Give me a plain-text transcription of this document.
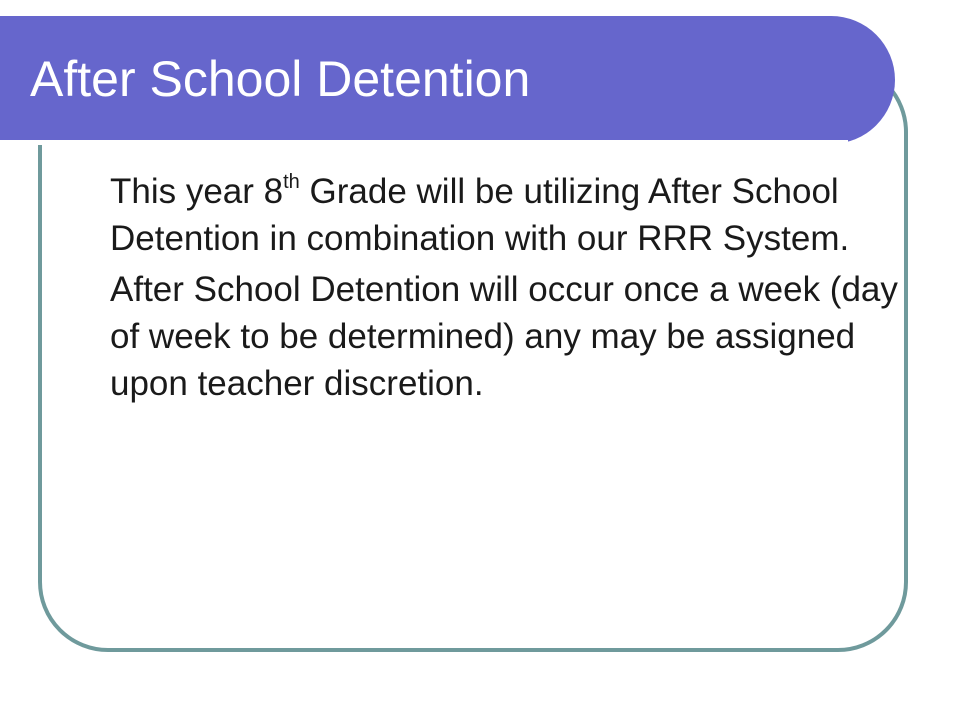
After School Detention

This year 8th Grade will be utilizing After School Detention in combination with our RRR System.

After School Detention will occur once a week (day of week to be determined) any may be assigned upon teacher discretion.
